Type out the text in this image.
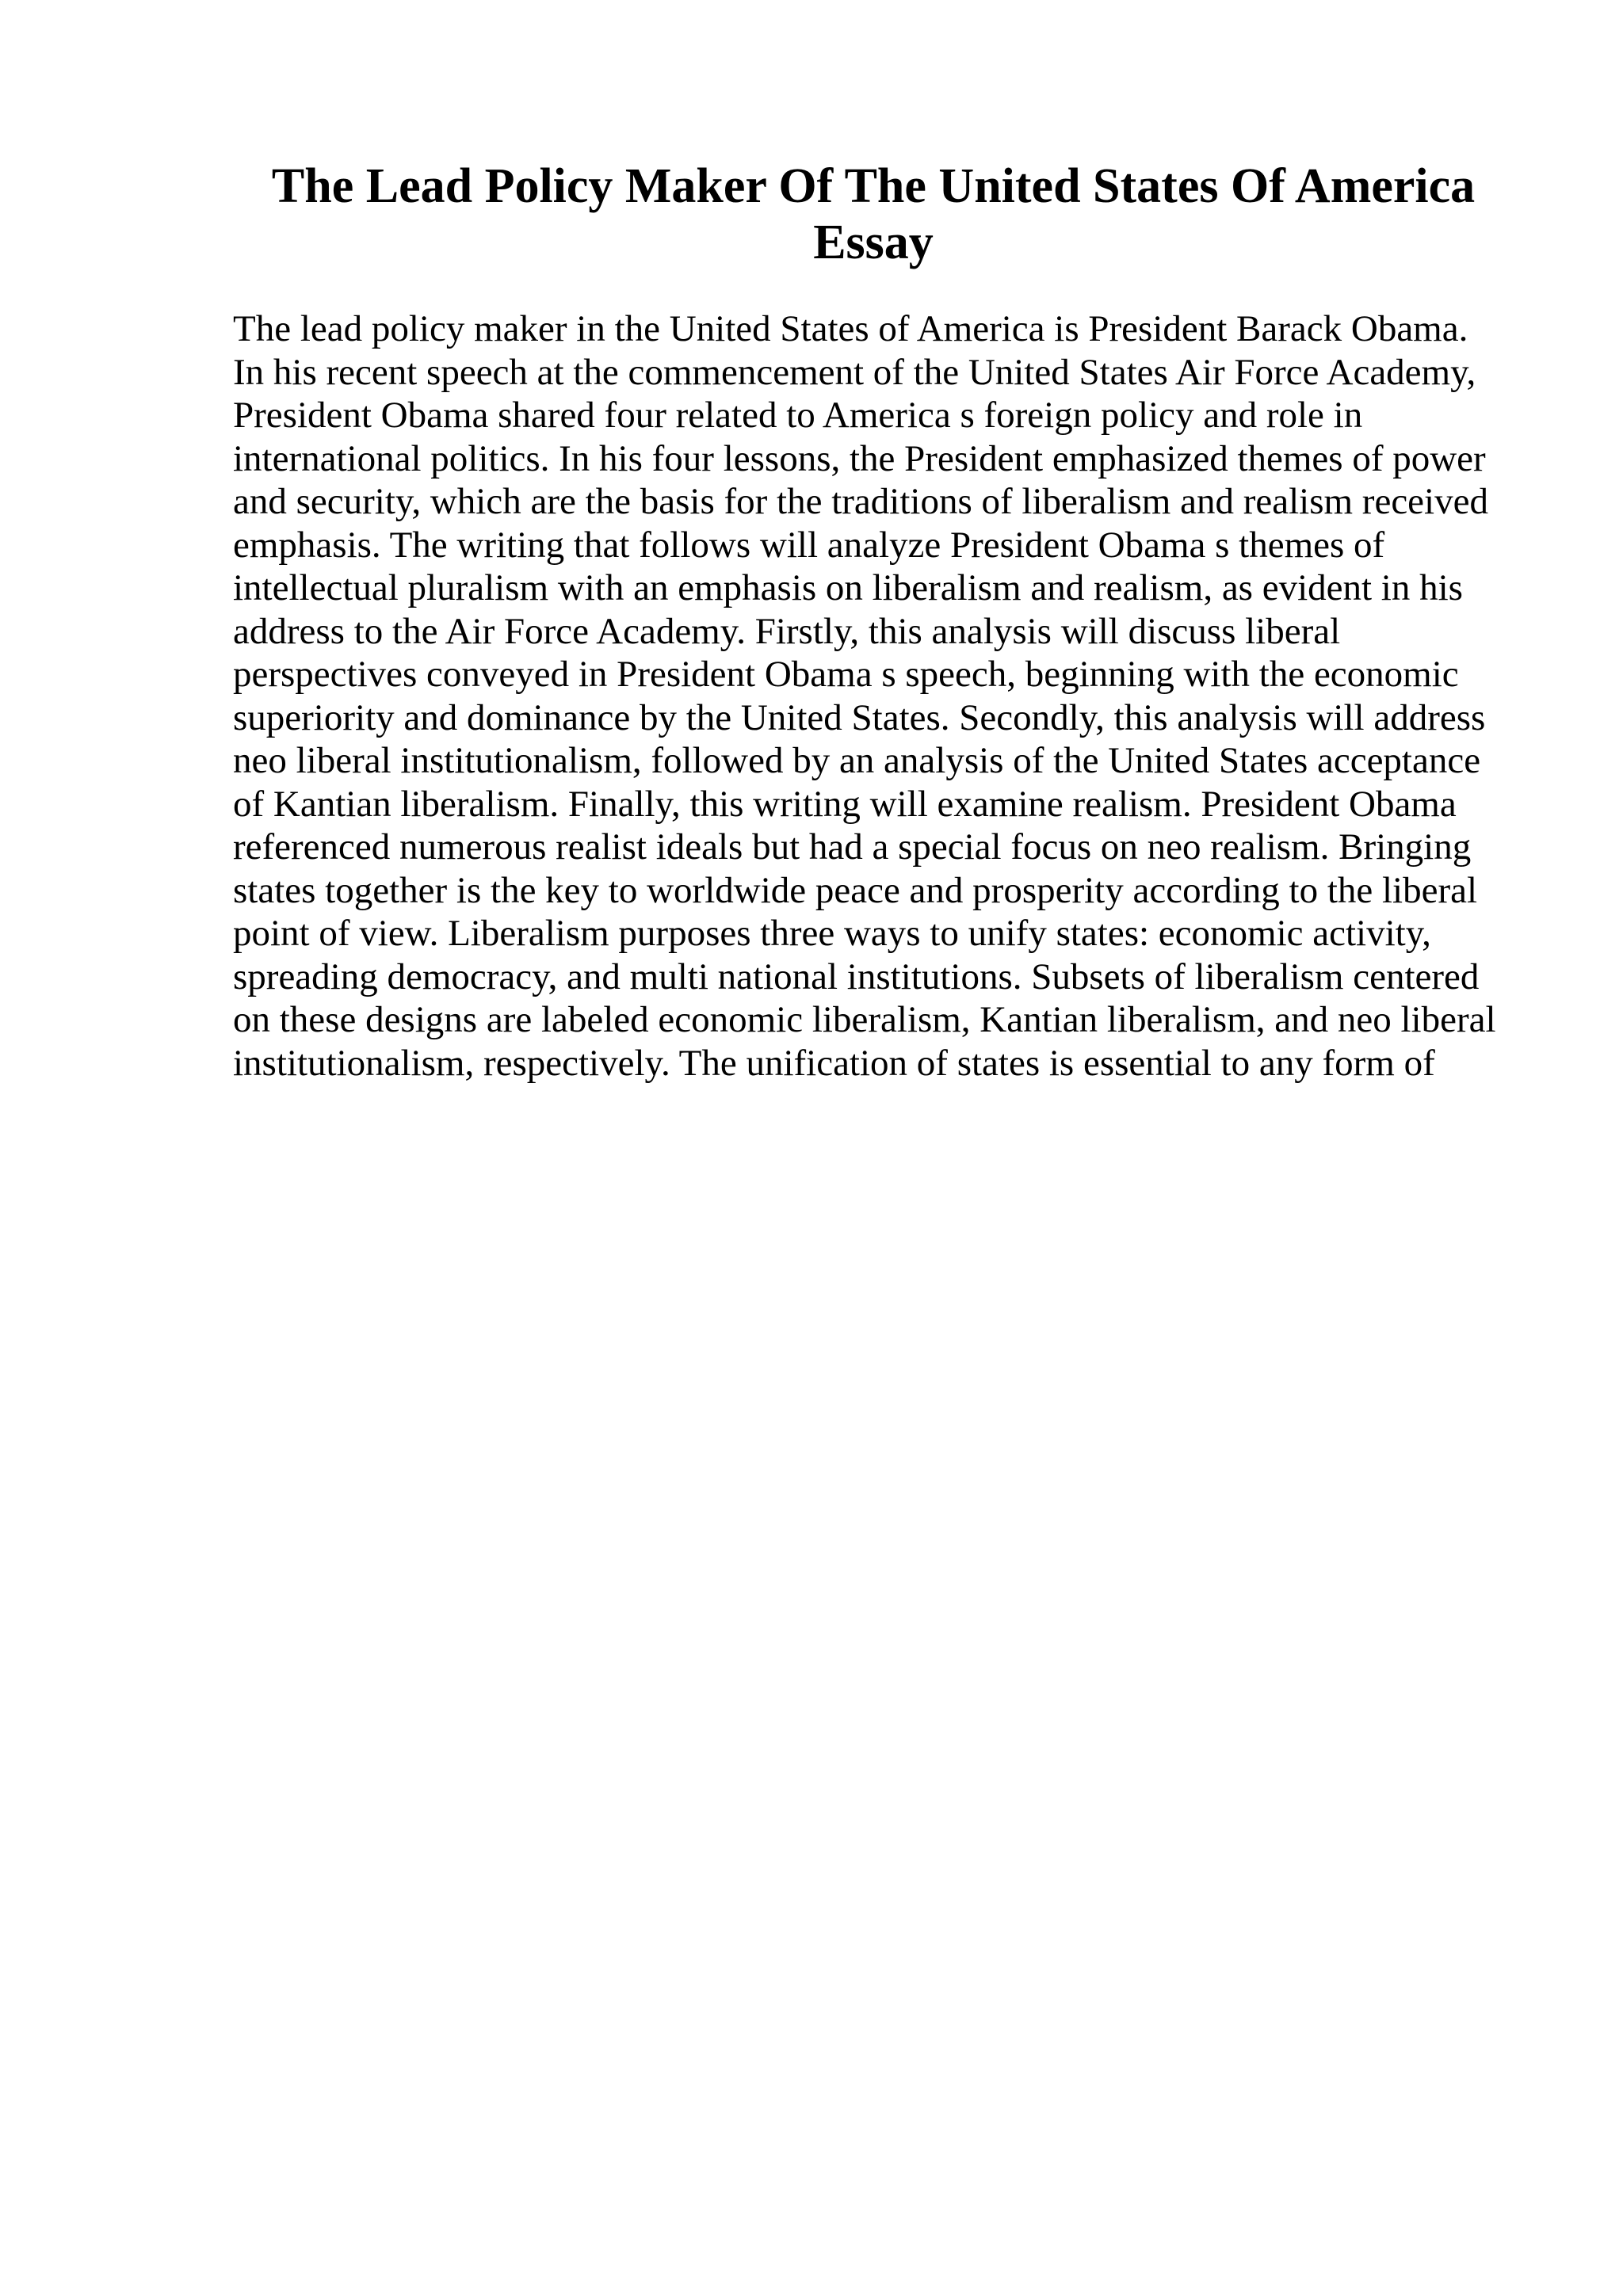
The Lead Policy Maker Of The United States Of America
Essay
The lead policy maker in the United States of America is President Barack Obama.
In his recent speech at the commencement of the United States Air Force Academy,
President Obama shared four related to America s foreign policy and role in
international politics. In his four lessons, the President emphasized themes of power
and security, which are the basis for the traditions of liberalism and realism received
emphasis. The writing that follows will analyze President Obama s themes of
intellectual pluralism with an emphasis on liberalism and realism, as evident in his
address to the Air Force Academy. Firstly, this analysis will discuss liberal
perspectives conveyed in President Obama s speech, beginning with the economic
superiority and dominance by the United States. Secondly, this analysis will address
neo liberal institutionalism, followed by an analysis of the United States acceptance
of Kantian liberalism. Finally, this writing will examine realism. President Obama
referenced numerous realist ideals but had a special focus on neo realism. Bringing
states together is the key to worldwide peace and prosperity according to the liberal
point of view. Liberalism purposes three ways to unify states: economic activity,
spreading democracy, and multi national institutions. Subsets of liberalism centered
on these designs are labeled economic liberalism, Kantian liberalism, and neo liberal
institutionalism, respectively. The unification of states is essential to any form of
